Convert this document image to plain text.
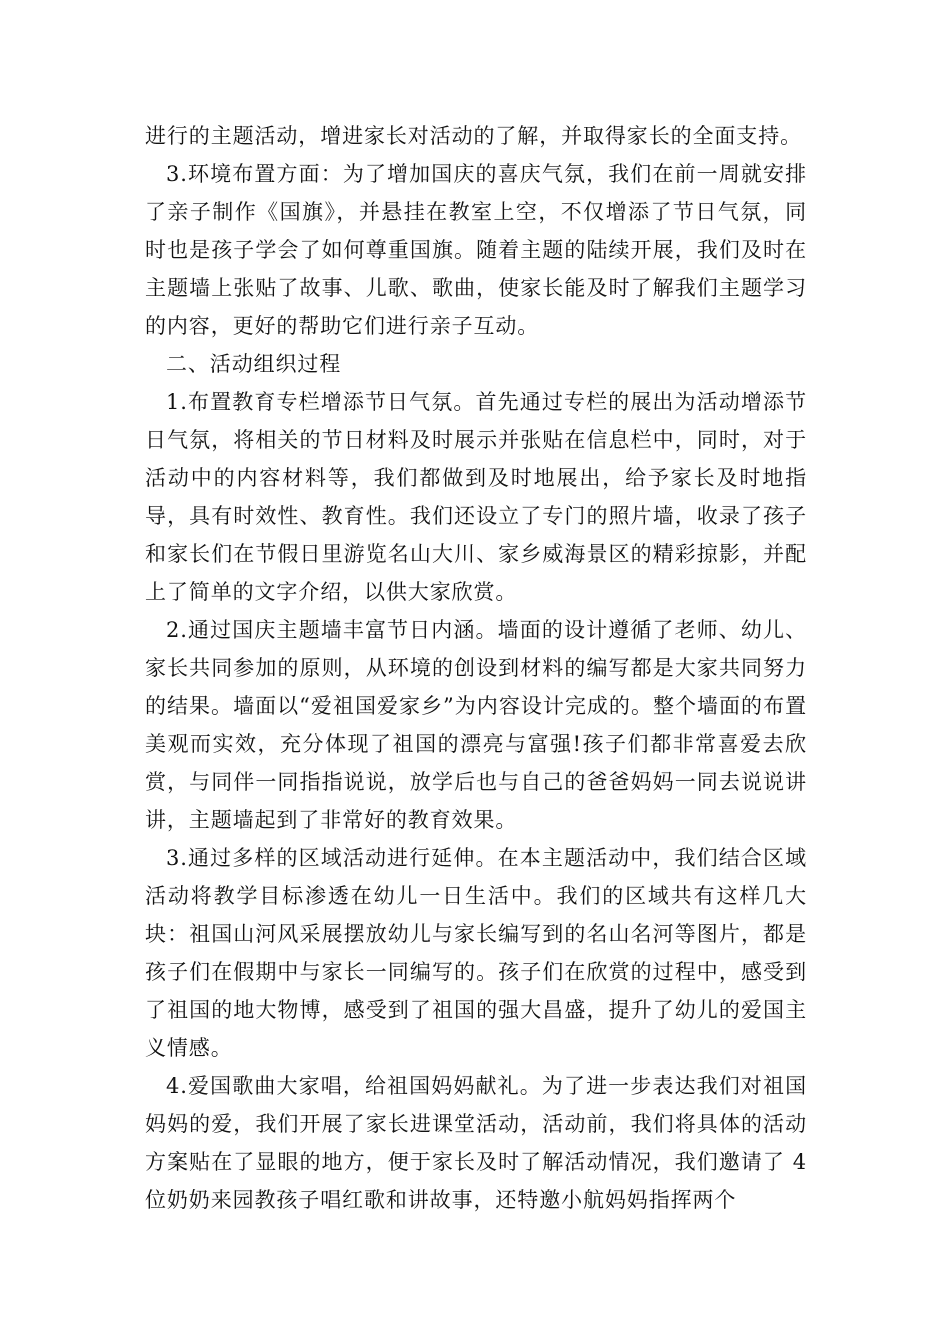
进行的主题活动，增进家长对活动的了解，并取得家长的全面支持。

3.环境布置方面：为了增加国庆的喜庆气氛，我们在前一周就安排了亲子制作《国旗》，并悬挂在教室上空，不仅增添了节日气氛，同时也是孩子学会了如何尊重国旗。随着主题的陆续开展，我们及时在主题墙上张贴了故事、儿歌、歌曲，使家长能及时了解我们主题学习的内容，更好的帮助它们进行亲子互动。

二、活动组织过程

1.布置教育专栏增添节日气氛。首先通过专栏的展出为活动增添节日气氛，将相关的节日材料及时展示并张贴在信息栏中，同时，对于活动中的内容材料等，我们都做到及时地展出，给予家长及时地指导，具有时效性、教育性。我们还设立了专门的照片墙，收录了孩子和家长们在节假日里游览名山大川、家乡威海景区的精彩掠影，并配上了简单的文字介绍，以供大家欣赏。

2.通过国庆主题墙丰富节日内涵。墙面的设计遵循了老师、幼儿、家长共同参加的原则，从环境的创设到材料的编写都是大家共同努力的结果。墙面以“爱祖国爱家乡”为内容设计完成的。整个墙面的布置美观而实效，充分体现了祖国的漂亮与富强!孩子们都非常喜爱去欣赏，与同伴一同指指说说，放学后也与自己的爸爸妈妈一同去说说讲讲，主题墙起到了非常好的教育效果。

3.通过多样的区域活动进行延伸。在本主题活动中，我们结合区域活动将教学目标渗透在幼儿一日生活中。我们的区域共有这样几大块：祖国山河风采展摆放幼儿与家长编写到的名山名河等图片，都是孩子们在假期中与家长一同编写的。孩子们在欣赏的过程中，感受到了祖国的地大物博，感受到了祖国的强大昌盛，提升了幼儿的爱国主义情感。

4.爱国歌曲大家唱，给祖国妈妈献礼。为了进一步表达我们对祖国妈妈的爱，我们开展了家长进课堂活动，活动前，我们将具体的活动方案贴在了显眼的地方，便于家长及时了解活动情况，我们邀请了 4 位奶奶来园教孩子唱红歌和讲故事，还特邀小航妈妈指挥两个
